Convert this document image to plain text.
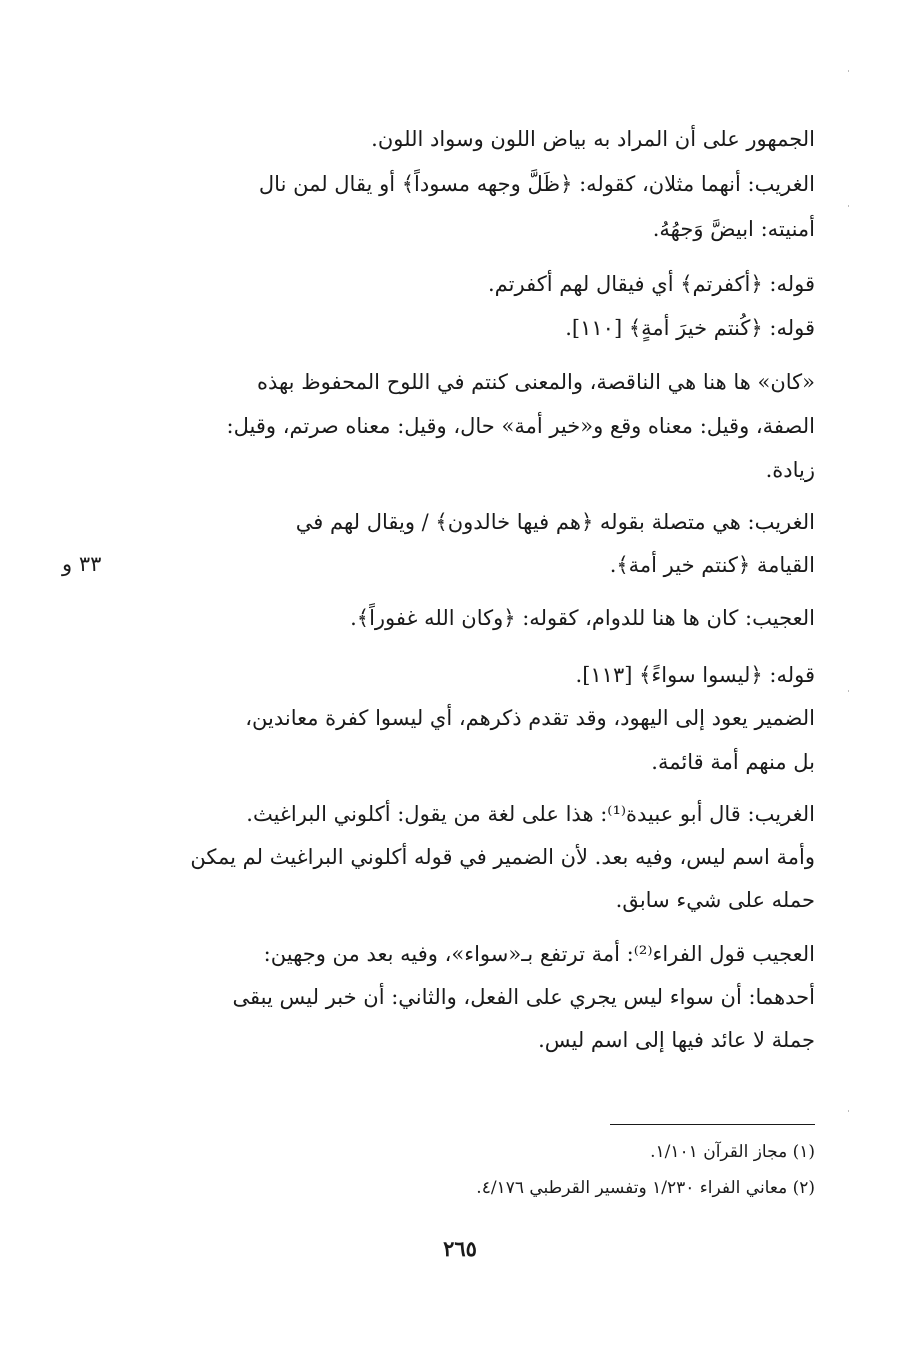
الجمهور على أن المراد به بياض اللون وسواد اللون.
الغريب: أنهما مثلان، كقوله: ﴿ظَلَّ وجهه مسوداً﴾ أو يقال لمن نال
أمنيته: ابيضَّ وَجهُهُ.
قوله: ﴿أكفرتم﴾ أي فيقال لهم أكفرتم.
قوله: ﴿كُنتم خيرَ أمةٍ﴾ [١١٠].
«كان» ها هنا هي الناقصة، والمعنى كنتم في اللوح المحفوظ بهذه
الصفة، وقيل: معناه وقع و«خير أمة» حال، وقيل: معناه صرتم، وقيل:
زيادة.
الغريب: هي متصلة بقوله ﴿هم فيها خالدون﴾ / ويقال لهم في
القيامة ﴿كنتم خير أمة﴾.
العجيب: كان ها هنا للدوام، كقوله: ﴿وكان الله غفوراً﴾.
قوله: ﴿ليسوا سواءً﴾ [١١٣].
الضمير يعود إلى اليهود، وقد تقدم ذكرهم، أي ليسوا كفرة معاندين،
بل منهم أمة قائمة.
الغريب: قال أبو عبيدة⁽¹⁾: هذا على لغة من يقول: أكلوني البراغيث.
وأمة اسم ليس، وفيه بعد. لأن الضمير في قوله أكلوني البراغيث لم يمكن
حمله على شيء سابق.
العجيب قول الفراء⁽²⁾: أمة ترتفع بـ«سواء»، وفيه بعد من وجهين:
أحدهما: أن سواء ليس يجري على الفعل، والثاني: أن خبر ليس يبقى
جملة لا عائد فيها إلى اسم ليس.
٣٣ و
(١) مجاز القرآن ١/١٠١.
(٢) معاني الفراء ١/٢٣٠ وتفسير القرطبي ٤/١٧٦.
٢٦٥
